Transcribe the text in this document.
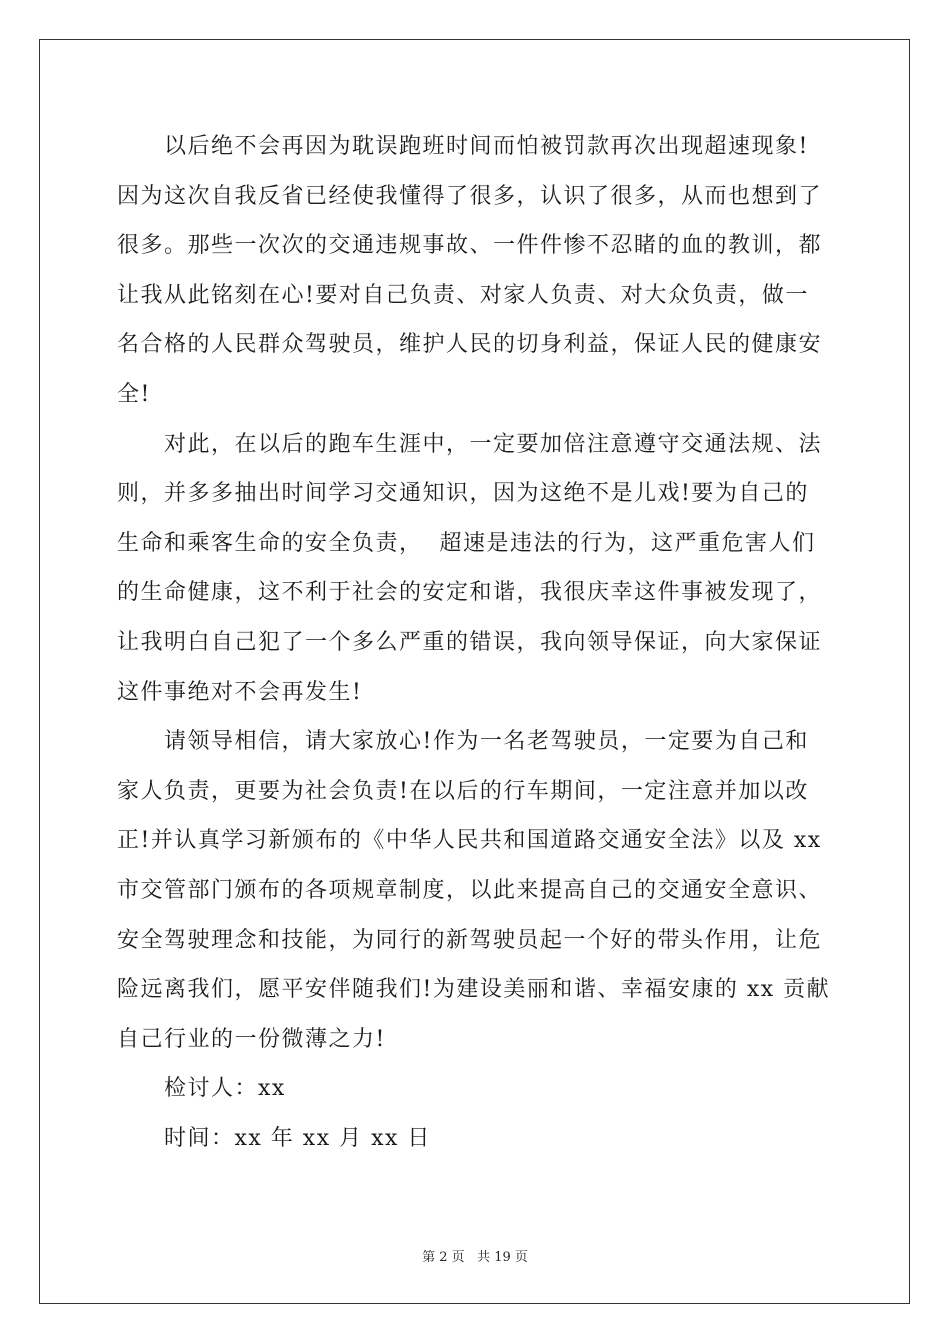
以后绝不会再因为耽误跑班时间而怕被罚款再次出现超速现象!
因为这次自我反省已经使我懂得了很多，认识了很多，从而也想到了
很多。那些一次次的交通违规事故、一件件惨不忍睹的血的教训，都
让我从此铭刻在心!要对自己负责、对家人负责、对大众负责，做一
名合格的人民群众驾驶员，维护人民的切身利益，保证人民的健康安
全!
对此，在以后的跑车生涯中，一定要加倍注意遵守交通法规、法
则，并多多抽出时间学习交通知识，因为这绝不是儿戏!要为自己的
生命和乘客生命的安全负责，  超速是违法的行为，这严重危害人们
的生命健康，这不利于社会的安定和谐，我很庆幸这件事被发现了，
让我明白自己犯了一个多么严重的错误，我向领导保证，向大家保证
这件事绝对不会再发生!
请领导相信，请大家放心!作为一名老驾驶员，一定要为自己和
家人负责，更要为社会负责!在以后的行车期间，一定注意并加以改
正!并认真学习新颁布的《中华人民共和国道路交通安全法》以及 xx
市交管部门颁布的各项规章制度，以此来提高自己的交通安全意识、
安全驾驶理念和技能，为同行的新驾驶员起一个好的带头作用，让危
险远离我们，愿平安伴随我们!为建设美丽和谐、幸福安康的 xx 贡献
自己行业的一份微薄之力!
检讨人：xx
时间：xx 年 xx 月 xx 日
第 2 页   共 19 页
